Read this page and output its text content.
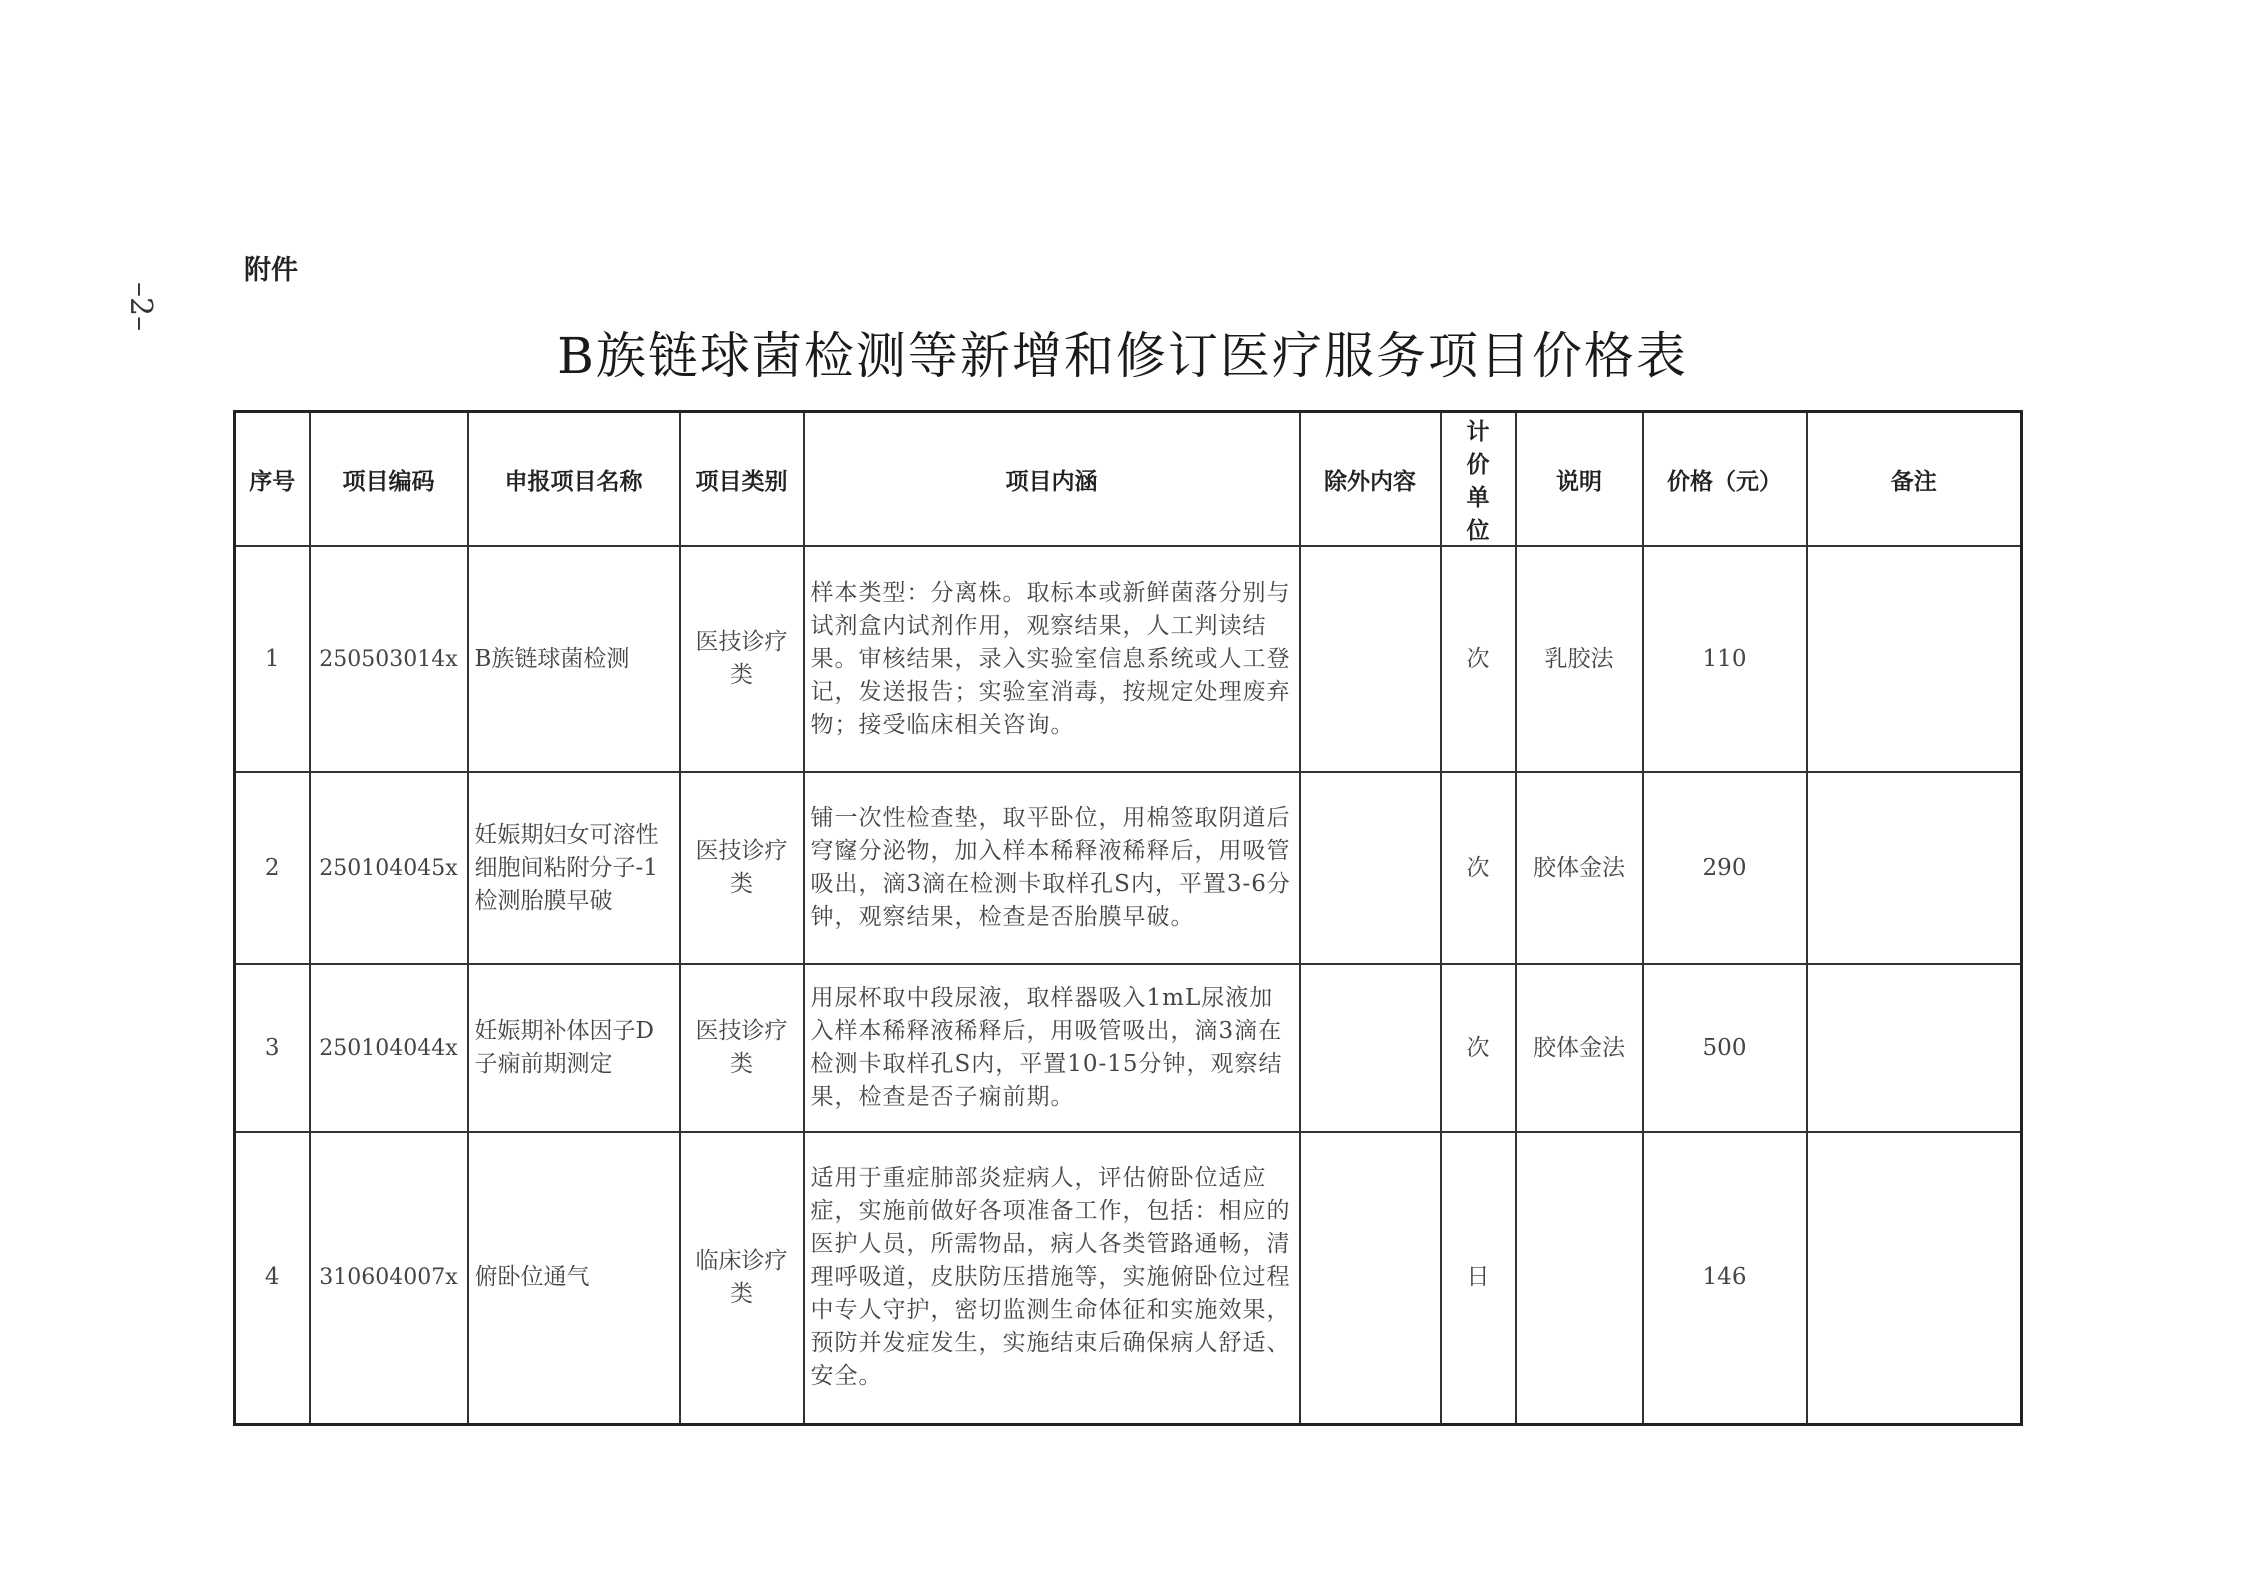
–2–
附件
B族链球菌检测等新增和修订医疗服务项目价格表
序号	项目编码	申报项目名称	项目类别	项目内涵	除外内容	计价单位	说明	价格（元）	备注
1	250503014x	B族链球菌检测	医技诊疗类	样本类型：分离株。取标本或新鲜菌落分别与试剂盒内试剂作用，观察结果，人工判读结果。审核结果，录入实验室信息系统或人工登记，发送报告；实验室消毒，按规定处理废弃物；接受临床相关咨询。		次	乳胶法	110	
2	250104045x	妊娠期妇女可溶性细胞间粘附分子-1检测胎膜早破	医技诊疗类	铺一次性检查垫，取平卧位，用棉签取阴道后穹窿分泌物，加入样本稀释液稀释后，用吸管吸出，滴3滴在检测卡取样孔S内，平置3-6分钟，观察结果，检查是否胎膜早破。		次	胶体金法	290	
3	250104044x	妊娠期补体因子D子痫前期测定	医技诊疗类	用尿杯取中段尿液，取样器吸入1mL尿液加入样本稀释液稀释后，用吸管吸出，滴3滴在检测卡取样孔S内，平置10-15分钟，观察结果，检查是否子痫前期。		次	胶体金法	500	
4	310604007x	俯卧位通气	临床诊疗类	适用于重症肺部炎症病人，评估俯卧位适应症，实施前做好各项准备工作，包括：相应的医护人员，所需物品，病人各类管路通畅，清理呼吸道，皮肤防压措施等，实施俯卧位过程中专人守护，密切监测生命体征和实施效果，预防并发症发生，实施结束后确保病人舒适、安全。		日		146	
